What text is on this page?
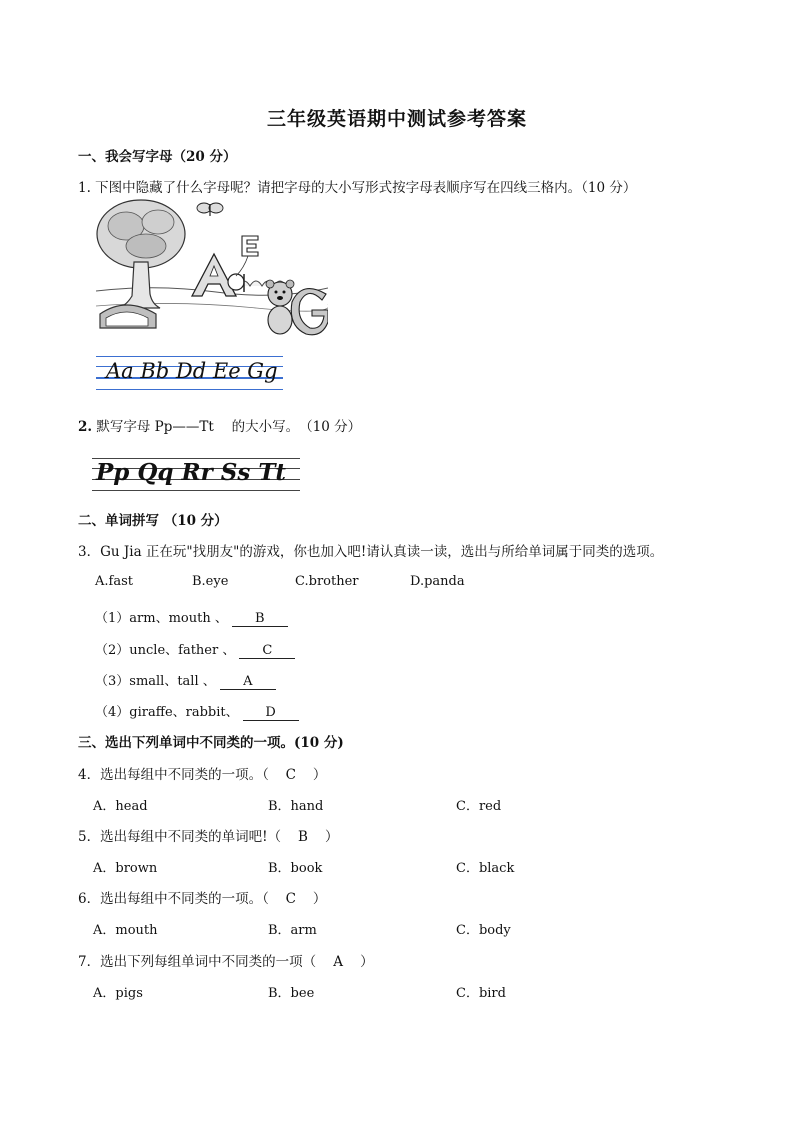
三年级英语期中测试参考答案
一、我会写字母（20 分）
1. 下图中隐藏了什么字母呢？请把字母的大小写形式按字母表顺序写在四线三格内。（10 分）
Aa Bb Dd Ee Gg
2. 默写字母 Pp——Tt　 的大小写。　（10 分）
Pp Qq Rr Ss Tt
二、单词拼写 （10 分）
3．Gu Jia 正在玩"找朋友"的游戏，你也加入吧!请认真读一读，选出与所给单词属于同类的选项。
A.fast	B.eye	C.brother	D.panda
（1）arm、mouth 、 B
（2）uncle、father 、 C
（3）small、tall 、 A
（4）giraffe、rabbit、 D
三、选出下列单词中不同类的一项。(10 分)
4．选出每组中不同类的一项。（ C ）
A．head	B．hand	C．red
5．选出每组中不同类的单词吧!（ B ）
A．brown	B．book	C．black
6．选出每组中不同类的一项。（ C ）
A．mouth	B．arm	C．body
7．选出下列每组单词中不同类的一项（ A ）
A．pigs	B．bee	C．bird
